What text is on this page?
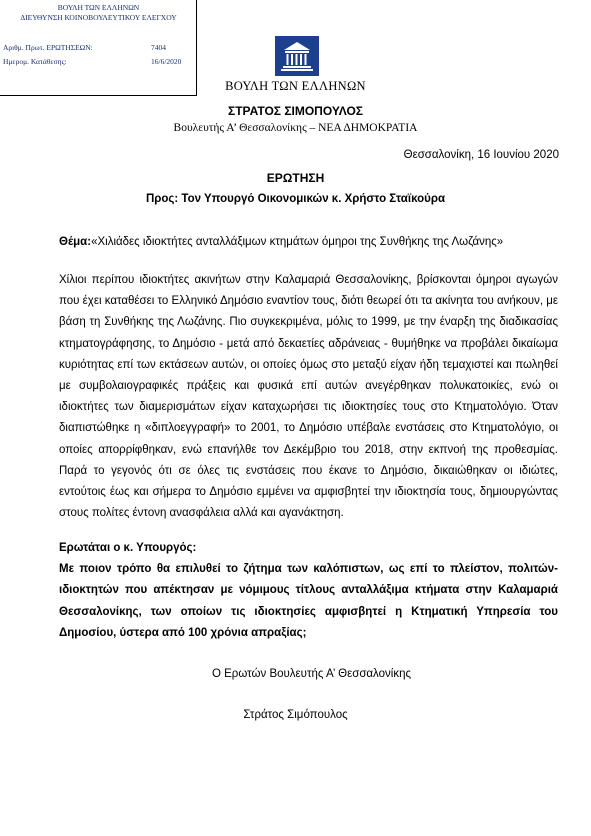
ΒΟΥΛΗ ΤΩΝ ΕΛΛΗΝΩΝ
ΔΙΕΥΘΥΝΣΗ ΚΟΙΝΟΒΟΥΛΕΥΤΙΚΟΥ ΕΛΕΓΧΟΥ
Αριθμ. Πρωτ. ΕΡΩΤΗΣΕΩΝ:	7404
Ημερομ. Κατάθεσης:	16/6/2020
ΒΟΥΛΗ ΤΩΝ ΕΛΛΗΝΩΝ
ΣΤΡΑΤΟΣ ΣΙΜΟΠΟΥΛΟΣ
Βουλευτής Α’ Θεσσαλονίκης – ΝΕΑ ΔΗΜΟΚΡΑΤΙΑ
Θεσσαλονίκη, 16 Ιουνίου 2020
ΕΡΩΤΗΣΗ
Προς: Τον Υπουργό Οικονομικών κ. Χρήστο Σταϊκούρα
Θέμα:«Χιλιάδες ιδιοκτήτες ανταλλάξιμων κτημάτων όμηροι της Συνθήκης της Λωζάνης»
Χίλιοι περίπου ιδιοκτήτες ακινήτων στην Καλαμαριά Θεσσαλονίκης, βρίσκονται όμηροι αγωγών που έχει καταθέσει το Ελληνικό Δημόσιο εναντίον τους, διότι θεωρεί ότι τα ακίνητα του ανήκουν, με βάση τη Συνθήκης της Λωζάνης. Πιο συγκεκριμένα, μόλις το 1999, με την έναρξη της διαδικασίας κτηματογράφησης, το Δημόσιο - μετά από δεκαετίες αδράνειας - θυμήθηκε να προβάλει δικαίωμα κυριότητας επί των εκτάσεων αυτών, οι οποίες όμως στο μεταξύ είχαν ήδη τεμαχιστεί και πωληθεί με συμβολαιογραφικές πράξεις και φυσικά επί αυτών ανεγέρθηκαν πολυκατοικίες, ενώ οι ιδιοκτήτες των διαμερισμάτων είχαν καταχωρήσει τις ιδιοκτησίες τους στο Κτηματολόγιο. Όταν διαπιστώθηκε η «διπλοεγγραφή» το 2001, το Δημόσιο υπέβαλε ενστάσεις στο Κτηματολόγιο, οι οποίες απορρίφθηκαν, ενώ επανήλθε τον Δεκέμβριο του 2018, στην εκπνοή της προθεσμίας. Παρά το γεγονός ότι σε όλες τις ενστάσεις που έκανε το Δημόσιο, δικαιώθηκαν οι ιδιώτες, εντούτοις έως και σήμερα το Δημόσιο εμμένει να αμφισβητεί την ιδιοκτησία τους, δημιουργώντας στους πολίτες έντονη ανασφάλεια αλλά και αγανάκτηση.
Ερωτάται ο κ. Υπουργός:
Με ποιον τρόπο θα επιλυθεί το ζήτημα των καλόπιστων, ως επί το πλείστον, πολιτών-ιδιοκτητών που απέκτησαν με νόμιμους τίτλους ανταλλάξιμα κτήματα στην Καλαμαριά Θεσσαλονίκης, των οποίων τις ιδιοκτησίες αμφισβητεί η Κτηματική Υπηρεσία του Δημοσίου, ύστερα από 100 χρόνια απραξίας;
Ο Ερωτών Βουλευτής Α’ Θεσσαλονίκης
Στράτος Σιμόπουλος
